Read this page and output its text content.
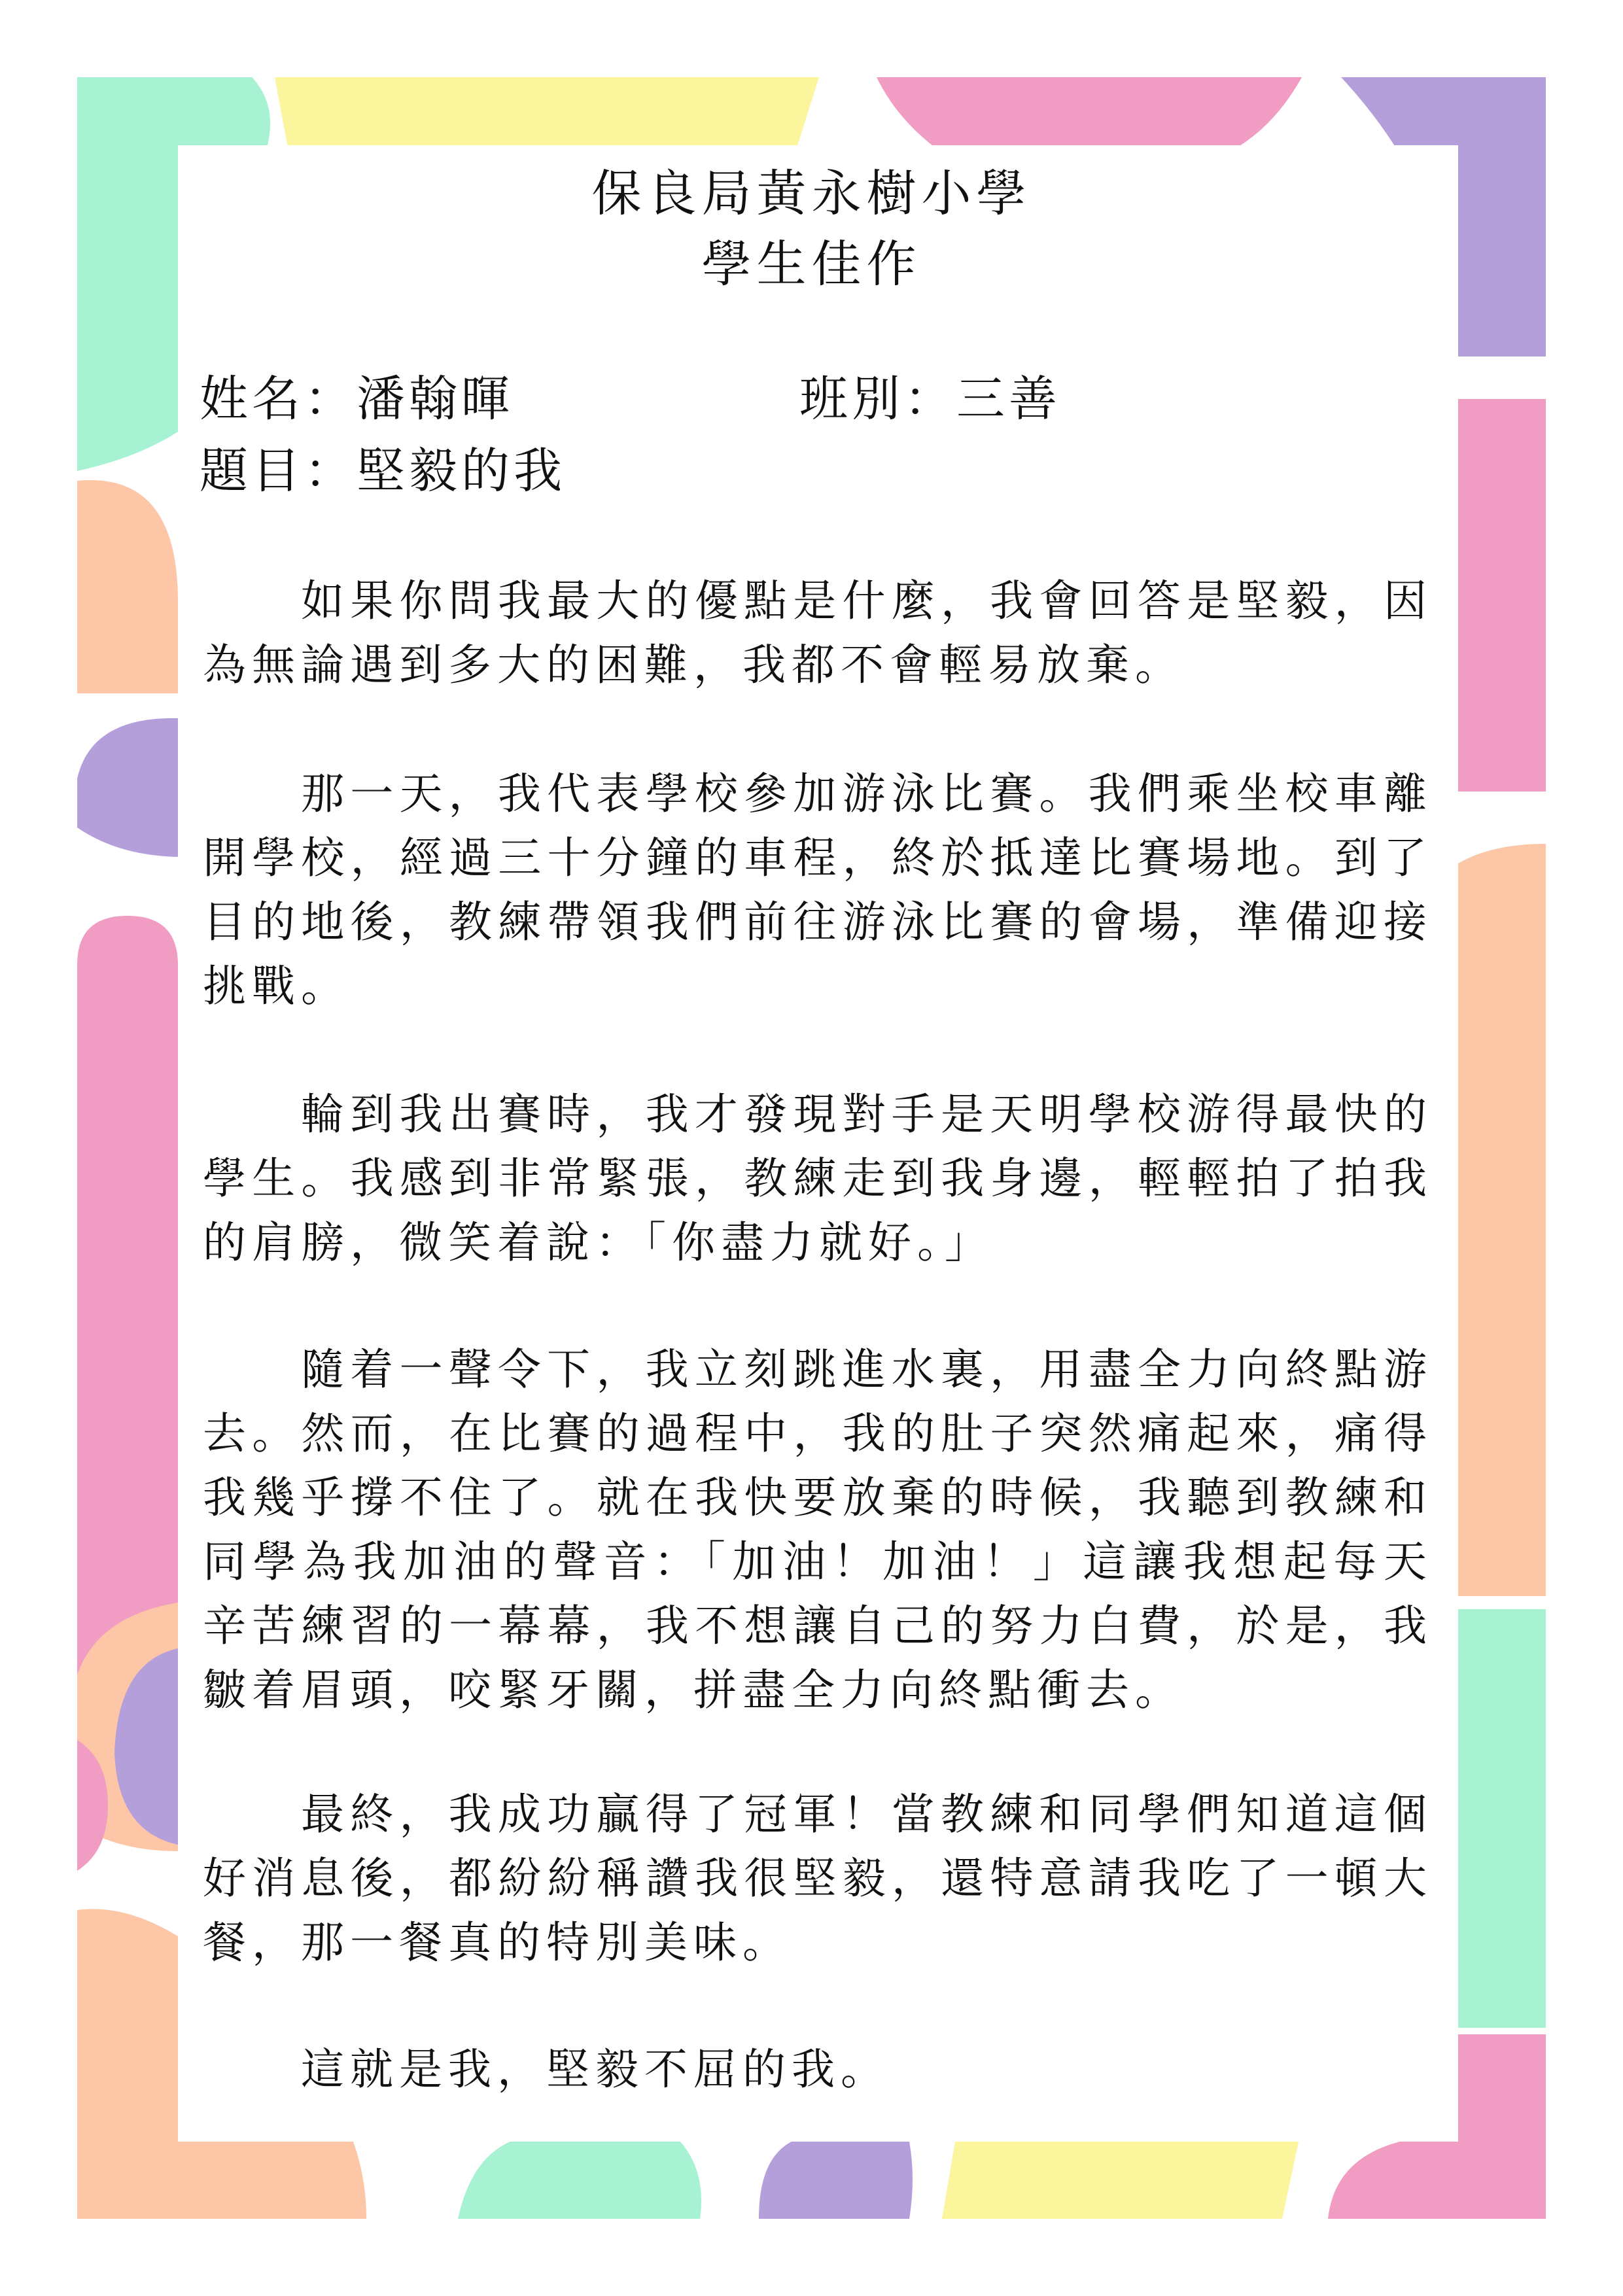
保良局黃永樹小學
學生佳作
姓名：潘翰暉	班別：三善
題目：堅毅的我

如果你問我最大的優點是什麼，我會回答是堅毅，因為無論遇到多大的困難，我都不會輕易放棄。

那一天，我代表學校參加游泳比賽。我們乘坐校車離開學校，經過三十分鐘的車程，終於抵達比賽場地。到了目的地後，教練帶領我們前往游泳比賽的會場，準備迎接挑戰。

輪到我出賽時，我才發現對手是天明學校游得最快的學生。我感到非常緊張，教練走到我身邊，輕輕拍了拍我的肩膀，微笑着說：「你盡力就好。」

隨着一聲令下，我立刻跳進水裏，用盡全力向終點游去。然而，在比賽的過程中，我的肚子突然痛起來，痛得我幾乎撐不住了。就在我快要放棄的時候，我聽到教練和同學為我加油的聲音：「加油！加油！」這讓我想起每天辛苦練習的一幕幕，我不想讓自己的努力白費，於是，我皺着眉頭，咬緊牙關，拼盡全力向終點衝去。

最終，我成功贏得了冠軍！當教練和同學們知道這個好消息後，都紛紛稱讚我很堅毅，還特意請我吃了一頓大餐，那一餐真的特別美味。

這就是我，堅毅不屈的我。
